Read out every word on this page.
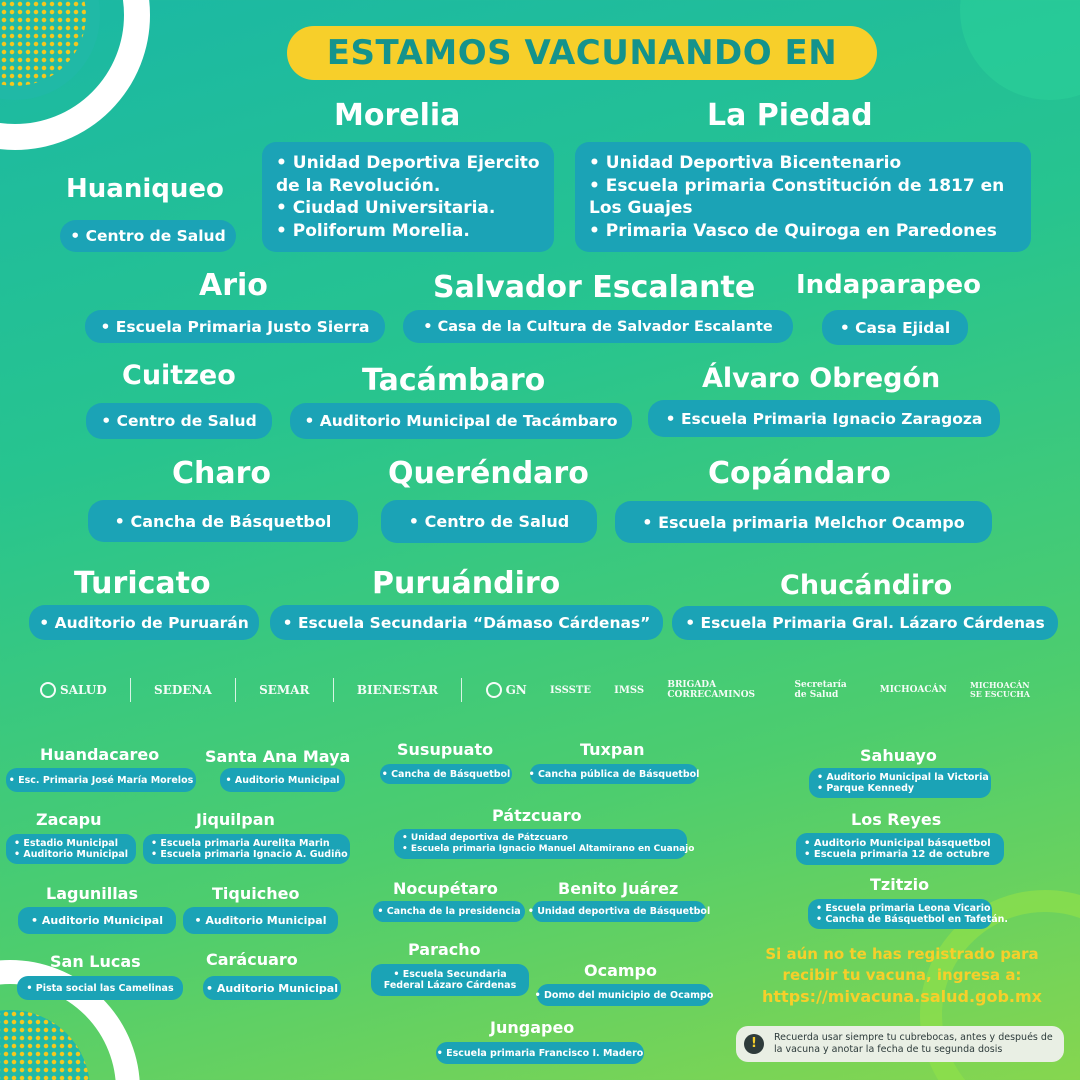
ESTAMOS VACUNANDO EN
Morelia
• Unidad Deportiva Ejercito de la Revolución.
• Ciudad Universitaria.
• Poliforum Morelia.
La Piedad
• Unidad Deportiva Bicentenario
• Escuela primaria Constitución de 1817 en Los Guajes
• Primaria Vasco de Quiroga en Paredones
Huaniqueo
• Centro de Salud
Ario
• Escuela Primaria Justo Sierra
Salvador Escalante
• Casa de la Cultura de Salvador Escalante
Indaparapeo
• Casa Ejidal
Cuitzeo
• Centro de Salud
Tacámbaro
• Auditorio Municipal de Tacámbaro
Álvaro Obregón
• Escuela Primaria Ignacio Zaragoza
Charo
• Cancha de Básquetbol
Queréndaro
• Centro de Salud
Copándaro
• Escuela primaria Melchor Ocampo
Turicato
• Auditorio de Puruarán
Puruándiro
• Escuela Secundaria “Dámaso Cárdenas”
Chucándiro
• Escuela Primaria Gral. Lázaro Cárdenas
SALUD	SEDENA	SEMAR	BIENESTAR	GN ISSSTE IMSS	BRIGADA CORRECAMINOS
Secretaría de Salud	MICHOACÁN	MICHOACÁN SE ESCUCHA
Huandacareo
• Esc. Primaria José María Morelos
Santa Ana Maya
• Auditorio Municipal
Zacapu
• Estadio Municipal
• Auditorio Municipal
Jiquilpan
• Escuela primaria Aurelita Marin
• Escuela primaria Ignacio A. Gudiño
Lagunillas
• Auditorio Municipal
Tiquicheo
• Auditorio Municipal
San Lucas
• Pista social las Camelinas
Carácuaro
• Auditorio Municipal
Susupuato
• Cancha de Básquetbol
Tuxpan
• Cancha pública de Básquetbol
Pátzcuaro
• Unidad deportiva de Pátzcuaro
• Escuela primaria Ignacio Manuel Altamirano en Cuanajo
Nocupétaro
• Cancha de la presidencia
Benito Juárez
• Unidad deportiva de Básquetbol
Paracho
• Escuela Secundaria
Federal Lázaro Cárdenas
Ocampo
• Domo del municipio de Ocampo
Jungapeo
• Escuela primaria Francisco I. Madero
Sahuayo
• Auditorio Municipal la Victoria
• Parque Kennedy
Los Reyes
• Auditorio Municipal básquetbol
• Escuela primaria 12 de octubre
Tzitzio
• Escuela primaria Leona Vicario
• Cancha de Básquetbol en Tafetán.
Si aún no te has registrado para
recibir tu vacuna, ingresa a:
https://mivacuna.salud.gob.mx
!	Recuerda usar siempre tu cubrebocas, antes y después de la vacuna y anotar la fecha de tu segunda dosis
